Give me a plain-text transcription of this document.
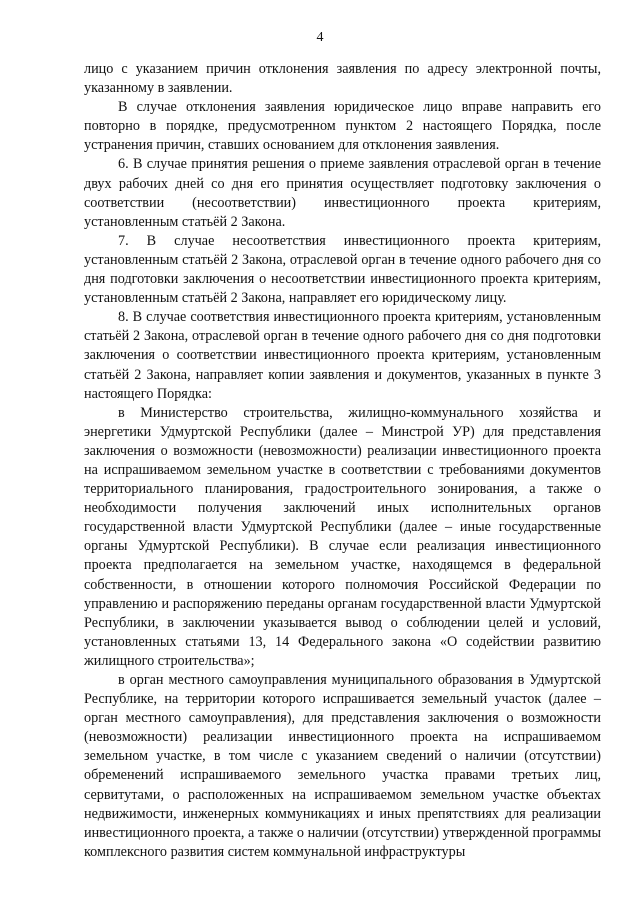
4

лицо с указанием причин отклонения заявления по адресу электронной почты, указанному в заявлении.

В случае отклонения заявления юридическое лицо вправе направить его повторно в порядке, предусмотренном пунктом 2 настоящего Порядка, после устранения причин, ставших основанием для отклонения заявления.

6. В случае принятия решения о приеме заявления отраслевой орган в течение двух рабочих дней со дня его принятия осуществляет подготовку заключения о соответствии (несоответствии) инвестиционного проекта критериям, установленным статьёй 2 Закона.

7. В случае несоответствия инвестиционного проекта критериям, установленным статьёй 2 Закона, отраслевой орган в течение одного рабочего дня со дня подготовки заключения о несоответствии инвестиционного проекта критериям, установленным статьёй 2 Закона, направляет его юридическому лицу.

8. В случае соответствия инвестиционного проекта критериям, установленным статьёй 2 Закона, отраслевой орган в течение одного рабочего дня со дня подготовки заключения о соответствии инвестиционного проекта критериям, установленным статьёй 2 Закона, направляет копии заявления и документов, указанных в пункте 3 настоящего Порядка:

в Министерство строительства, жилищно-коммунального хозяйства и энергетики Удмуртской Республики (далее – Минстрой УР) для представления заключения о возможности (невозможности) реализации инвестиционного проекта на испрашиваемом земельном участке в соответствии с требованиями документов территориального планирования, градостроительного зонирования, а также о необходимости получения заключений иных исполнительных органов государственной власти Удмуртской Республики (далее – иные государственные органы Удмуртской Республики). В случае если реализация инвестиционного проекта предполагается на земельном участке, находящемся в федеральной собственности, в отношении которого полномочия Российской Федерации по управлению и распоряжению переданы органам государственной власти Удмуртской Республики, в заключении указывается вывод о соблюдении целей и условий, установленных статьями 13, 14 Федерального закона «О содействии развитию жилищного строительства»;

в орган местного самоуправления муниципального образования в Удмуртской Республике, на территории которого испрашивается земельный участок (далее – орган местного самоуправления), для представления заключения о возможности (невозможности) реализации инвестиционного проекта на испрашиваемом земельном участке, в том числе с указанием сведений о наличии (отсутствии) обременений испрашиваемого земельного участка правами третьих лиц, сервитутами, о расположенных на испрашиваемом земельном участке объектах недвижимости, инженерных коммуникациях и иных препятствиях для реализации инвестиционного проекта, а также о наличии (отсутствии) утвержденной программы комплексного развития систем коммунальной инфраструктуры
